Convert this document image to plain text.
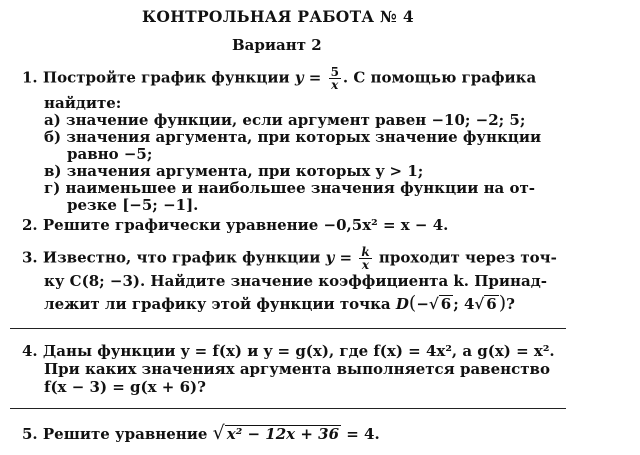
КОНТРОЛЬНАЯ РАБОТА № 4
Вариант 2
1. Постройте график функции $y = \frac{5}{x}$ . С помощью графика
найдите:
а) значение функции, если аргумент равен −10; −2; 5;
б) значения аргумента, при которых значение функции
равно −5;
в) значения аргумента, при которых y > 1;
г) наименьшее и наибольшее значения функции на от-
резке [−5; −1].
2. Решите графически уравнение −0,5x² = x − 4.
3. Известно, что график функции $y = \frac{k}{x}$ проходит через точ-
ку C(8; −3). Найдите значение коэффициента k. Принад-
лежит ли графику этой функции точка D(−√ 6 ; 4√ 6 )?
4. Даны функции y = f(x) и y = g(x), где f(x) = 4x², а g(x) = x².
При каких значениях аргумента выполняется равенство
f(x − 3) = g(x + 6)?
5. Решите уравнение √ x² − 12x + 36 = 4.
